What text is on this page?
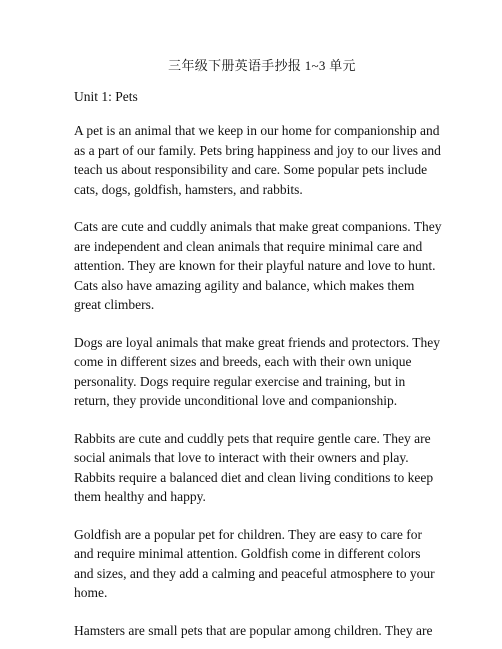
三年级下册英语手抄报 1~3 单元
Unit 1: Pets

A pet is an animal that we keep in our home for companionship and as a part of our family. Pets bring happiness and joy to our lives and teach us about responsibility and care. Some popular pets include cats, dogs, goldfish, hamsters, and rabbits.

Cats are cute and cuddly animals that make great companions. They are independent and clean animals that require minimal care and attention. They are known for their playful nature and love to hunt. Cats also have amazing agility and balance, which makes them great climbers.

Dogs are loyal animals that make great friends and protectors. They come in different sizes and breeds, each with their own unique personality. Dogs require regular exercise and training, but in return, they provide unconditional love and companionship.

Rabbits are cute and cuddly pets that require gentle care. They are social animals that love to interact with their owners and play. Rabbits require a balanced diet and clean living conditions to keep them healthy and happy.

Goldfish are a popular pet for children. They are easy to care for and require minimal attention. Goldfish come in different colors and sizes, and they add a calming and peaceful atmosphere to your home.

Hamsters are small pets that are popular among children. They are
